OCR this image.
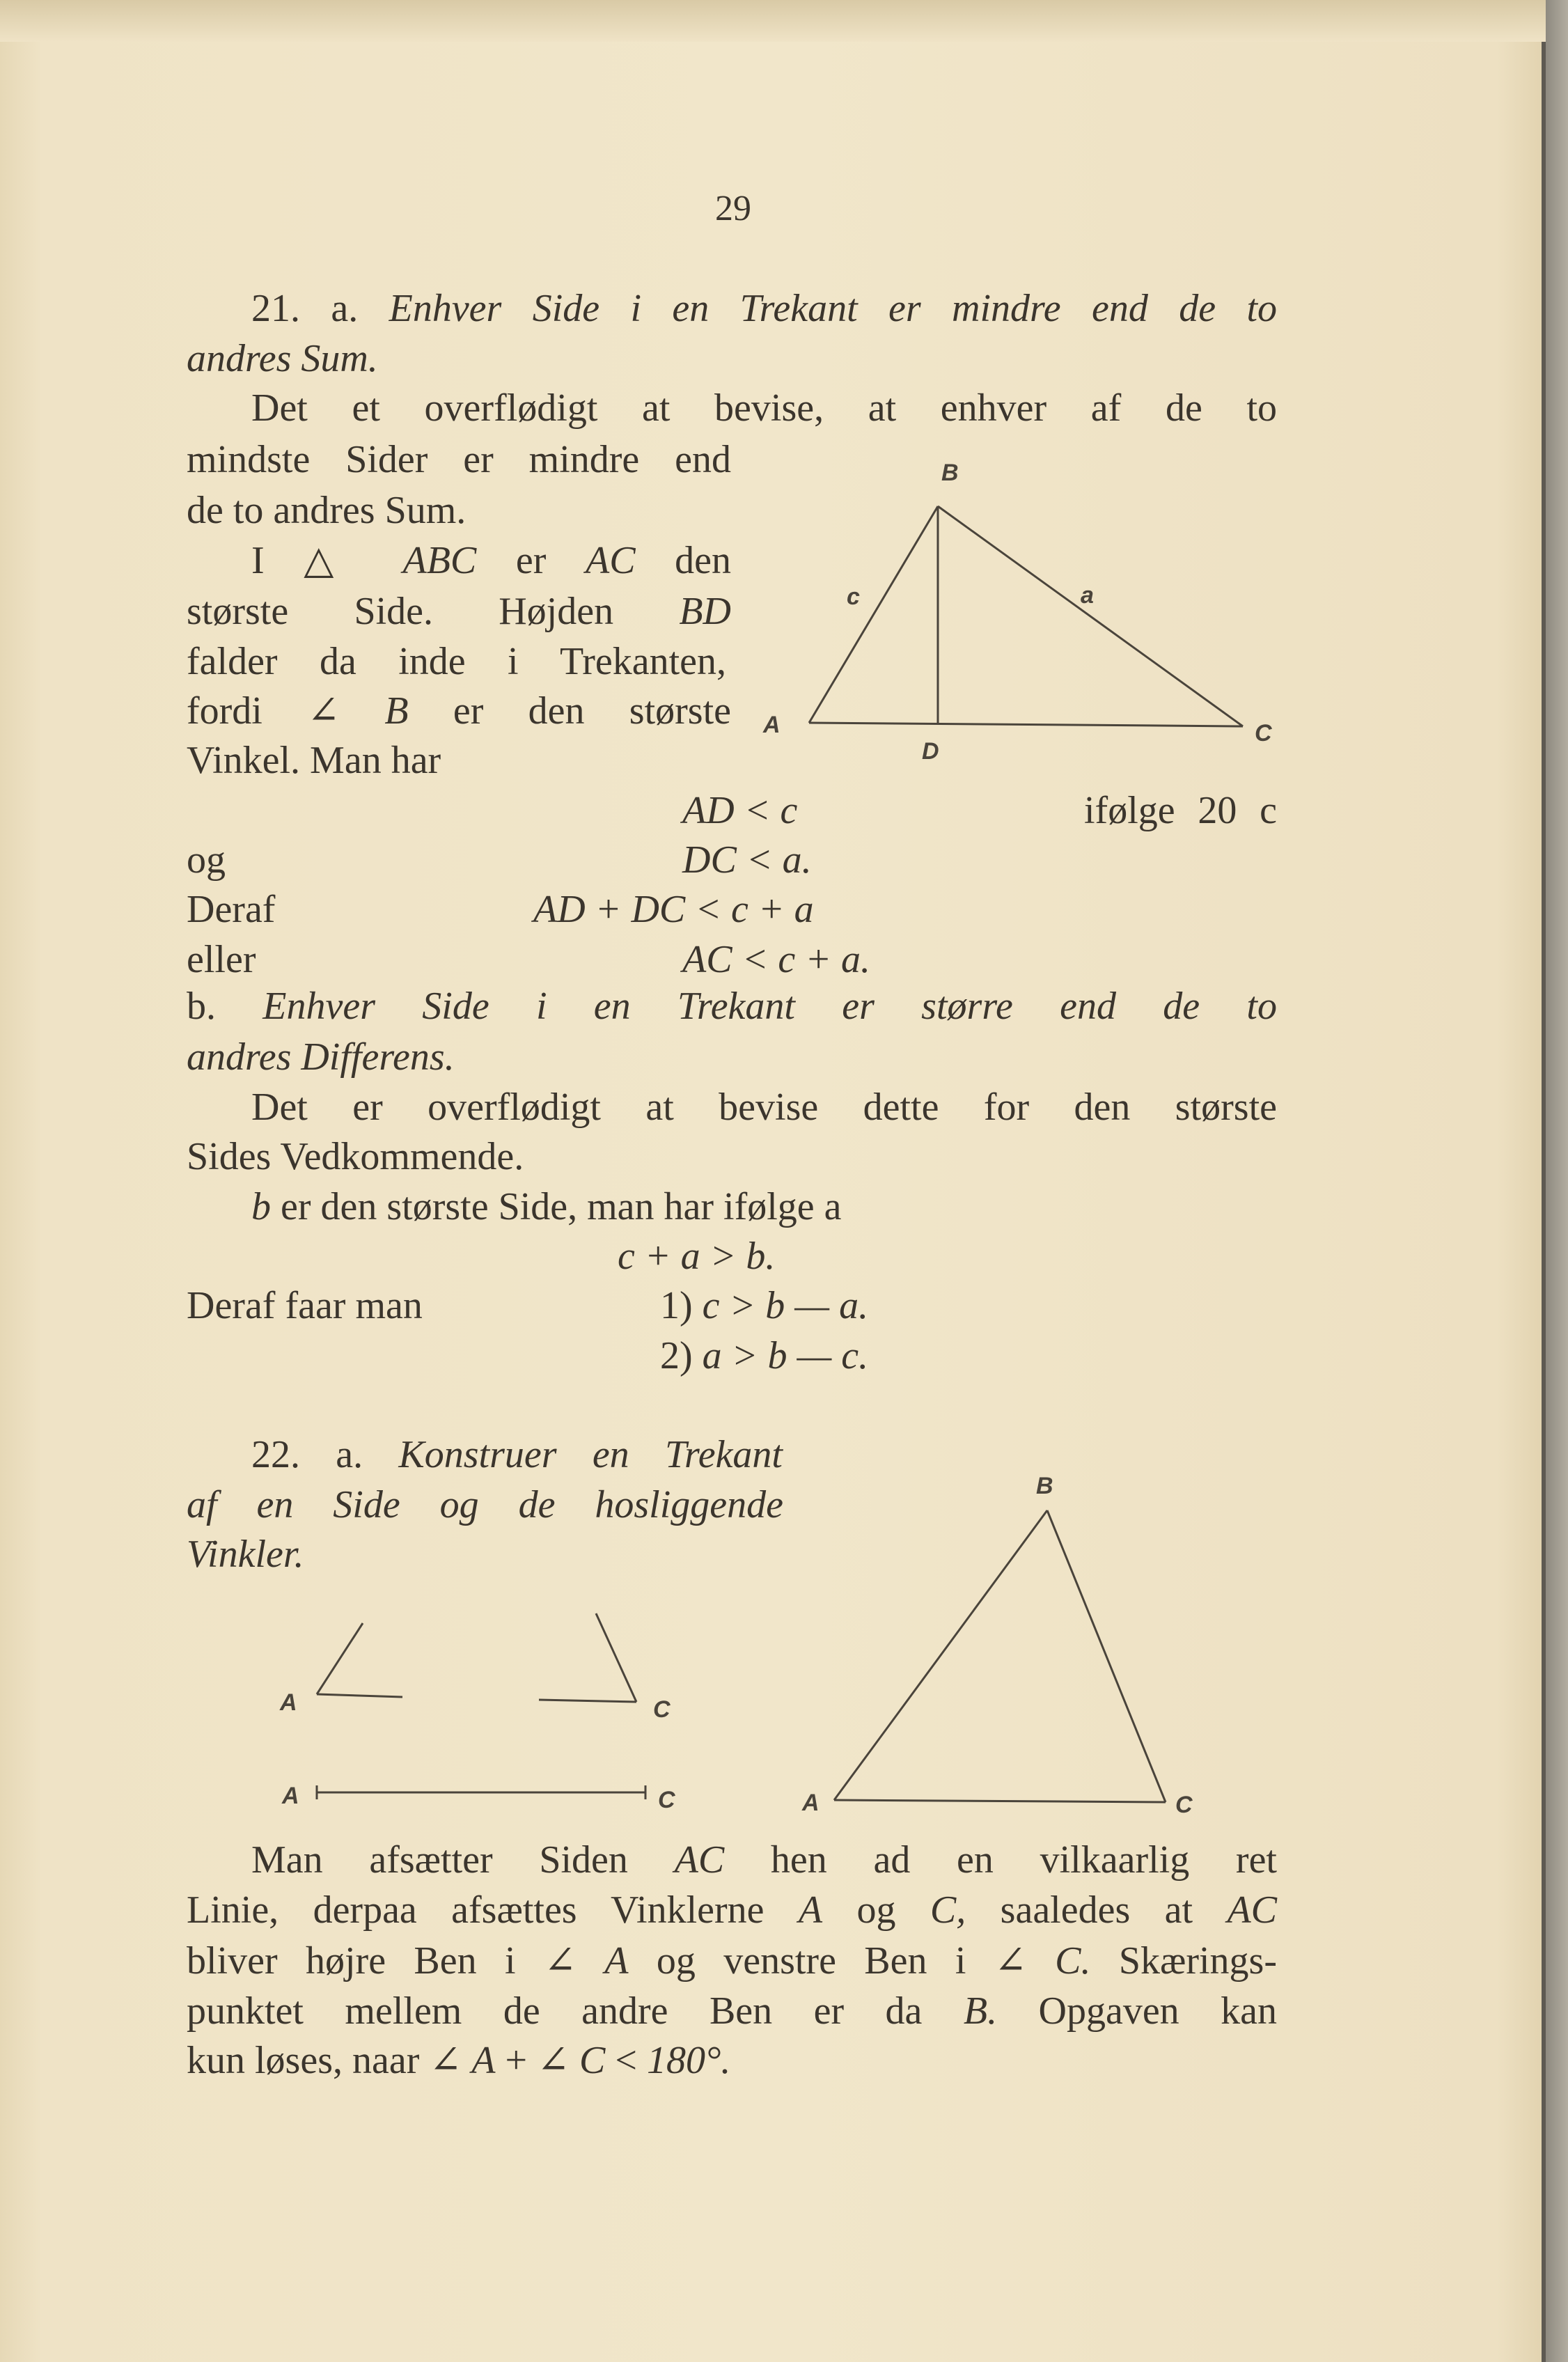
29
21. a. Enhver Side i en Trekant er mindre end de to
andres Sum.
Det et overflødigt at bevise, at enhver af de to
mindste Sider er mindre end
de to andres Sum.
I △ ABC er AC den
største Side. Højden BD
falder da inde i Trekanten,
fordi ∠ B er den største
Vinkel. Man har
AD < c	ifølge 20 c
og	DC < a.
Deraf	AD + DC < c + a
eller	AC < c + a.
b. Enhver Side i en Trekant er større end de to
andres Differens.
Det er overflødigt at bevise dette for den største
Sides Vedkommende.
b er den største Side, man har ifølge a
c + a > b.
Deraf faar man	1) c > b — a.
2) a > b — c.
22. a. Konstruer en Trekant
af en Side og de hosliggende
Vinkler.
Man afsætter Siden AC hen ad en vilkaarlig ret
Linie, derpaa afsættes Vinklerne A og C, saaledes at AC
bliver højre Ben i ∠ A og venstre Ben i ∠ C. Skærings-
punktet mellem de andre Ben er da B. Opgaven kan
kun løses, naar ∠ A + ∠ C < 180°.
B
c	a
A
D
C
A	C
A	C
B
A	C
